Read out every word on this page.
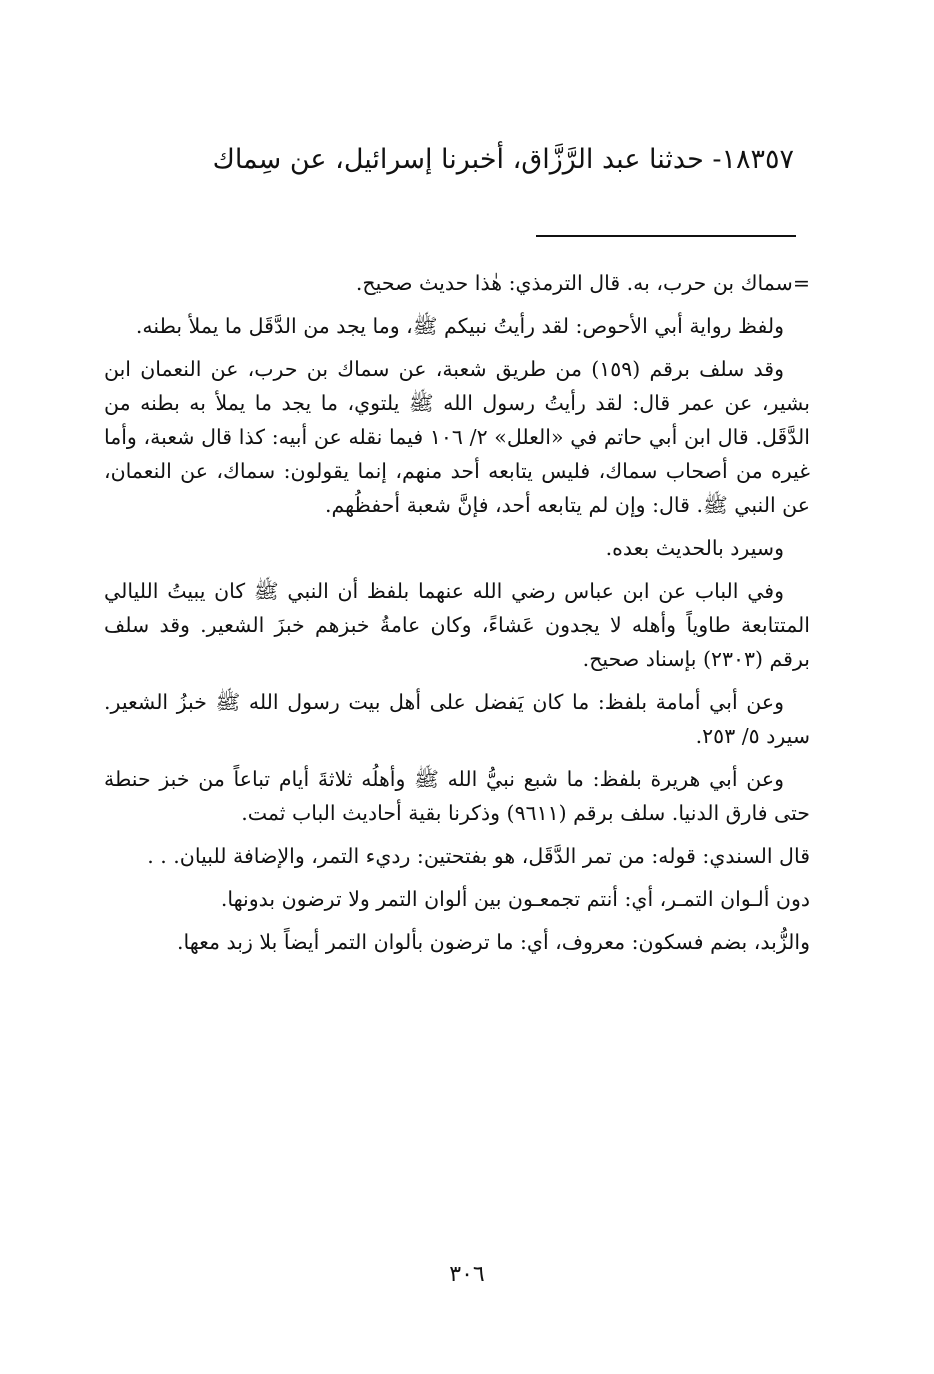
١٨٣٥٧- حدثنا عبد الرَّزَّاق، أخبرنا إسرائيل، عن سِماك

=سماك بن حرب، به. قال الترمذي: هٰذا حديث صحيح.

ولفظ رواية أبي الأحوص: لقد رأيتُ نبيكم ﷺ، وما يجد من الدَّقَل ما يملأ بطنه.

وقد سلف برقم (١٥٩) من طريق شعبة، عن سماك بن حرب، عن النعمان ابن بشير، عن عمر قال: لقد رأيتُ رسول الله ﷺ يلتوي، ما يجد ما يملأ به بطنه من الدَّقَل. قال ابن أبي حاتم في «العلل» ٢/ ١٠٦ فيما نقله عن أبيه: كذا قال شعبة، وأما غيره من أصحاب سماك، فليس يتابعه أحد منهم، إنما يقولون: سماك، عن النعمان، عن النبي ﷺ. قال: وإن لم يتابعه أحد، فإنَّ شعبة أحفظُهم.

وسيرد بالحديث بعده.

وفي الباب عن ابن عباس رضي الله عنهما بلفظ أن النبي ﷺ كان يبيتُ الليالي المتتابعة طاوياً وأهله لا يجدون عَشاءً، وكان عامةُ خبزهم خبزَ الشعير. وقد سلف برقم (٢٣٠٣) بإسناد صحيح.

وعن أبي أمامة بلفظ: ما كان يَفضل على أهل بيت رسول الله ﷺ خبزُ الشعير. سيرد ٥/ ٢٥٣.

وعن أبي هريرة بلفظ: ما شبع نبيُّ الله ﷺ وأهلُه ثلاثةَ أيام تباعاً من خبز حنطة حتى فارق الدنيا. سلف برقم (٩٦١١) وذكرنا بقية أحاديث الباب ثمت.

قال السندي: قوله: من تمر الدَّقَل، هو بفتحتين: رديء التمر، والإضافة للبيان. . .

دون ألـوان التمـر، أي: أنتم تجمعـون بين ألوان التمر ولا ترضون بدونها.

والزُّبد، بضم فسكون: معروف، أي: ما ترضون بألوان التمر أيضاً بلا زبد معها.

٣٠٦
